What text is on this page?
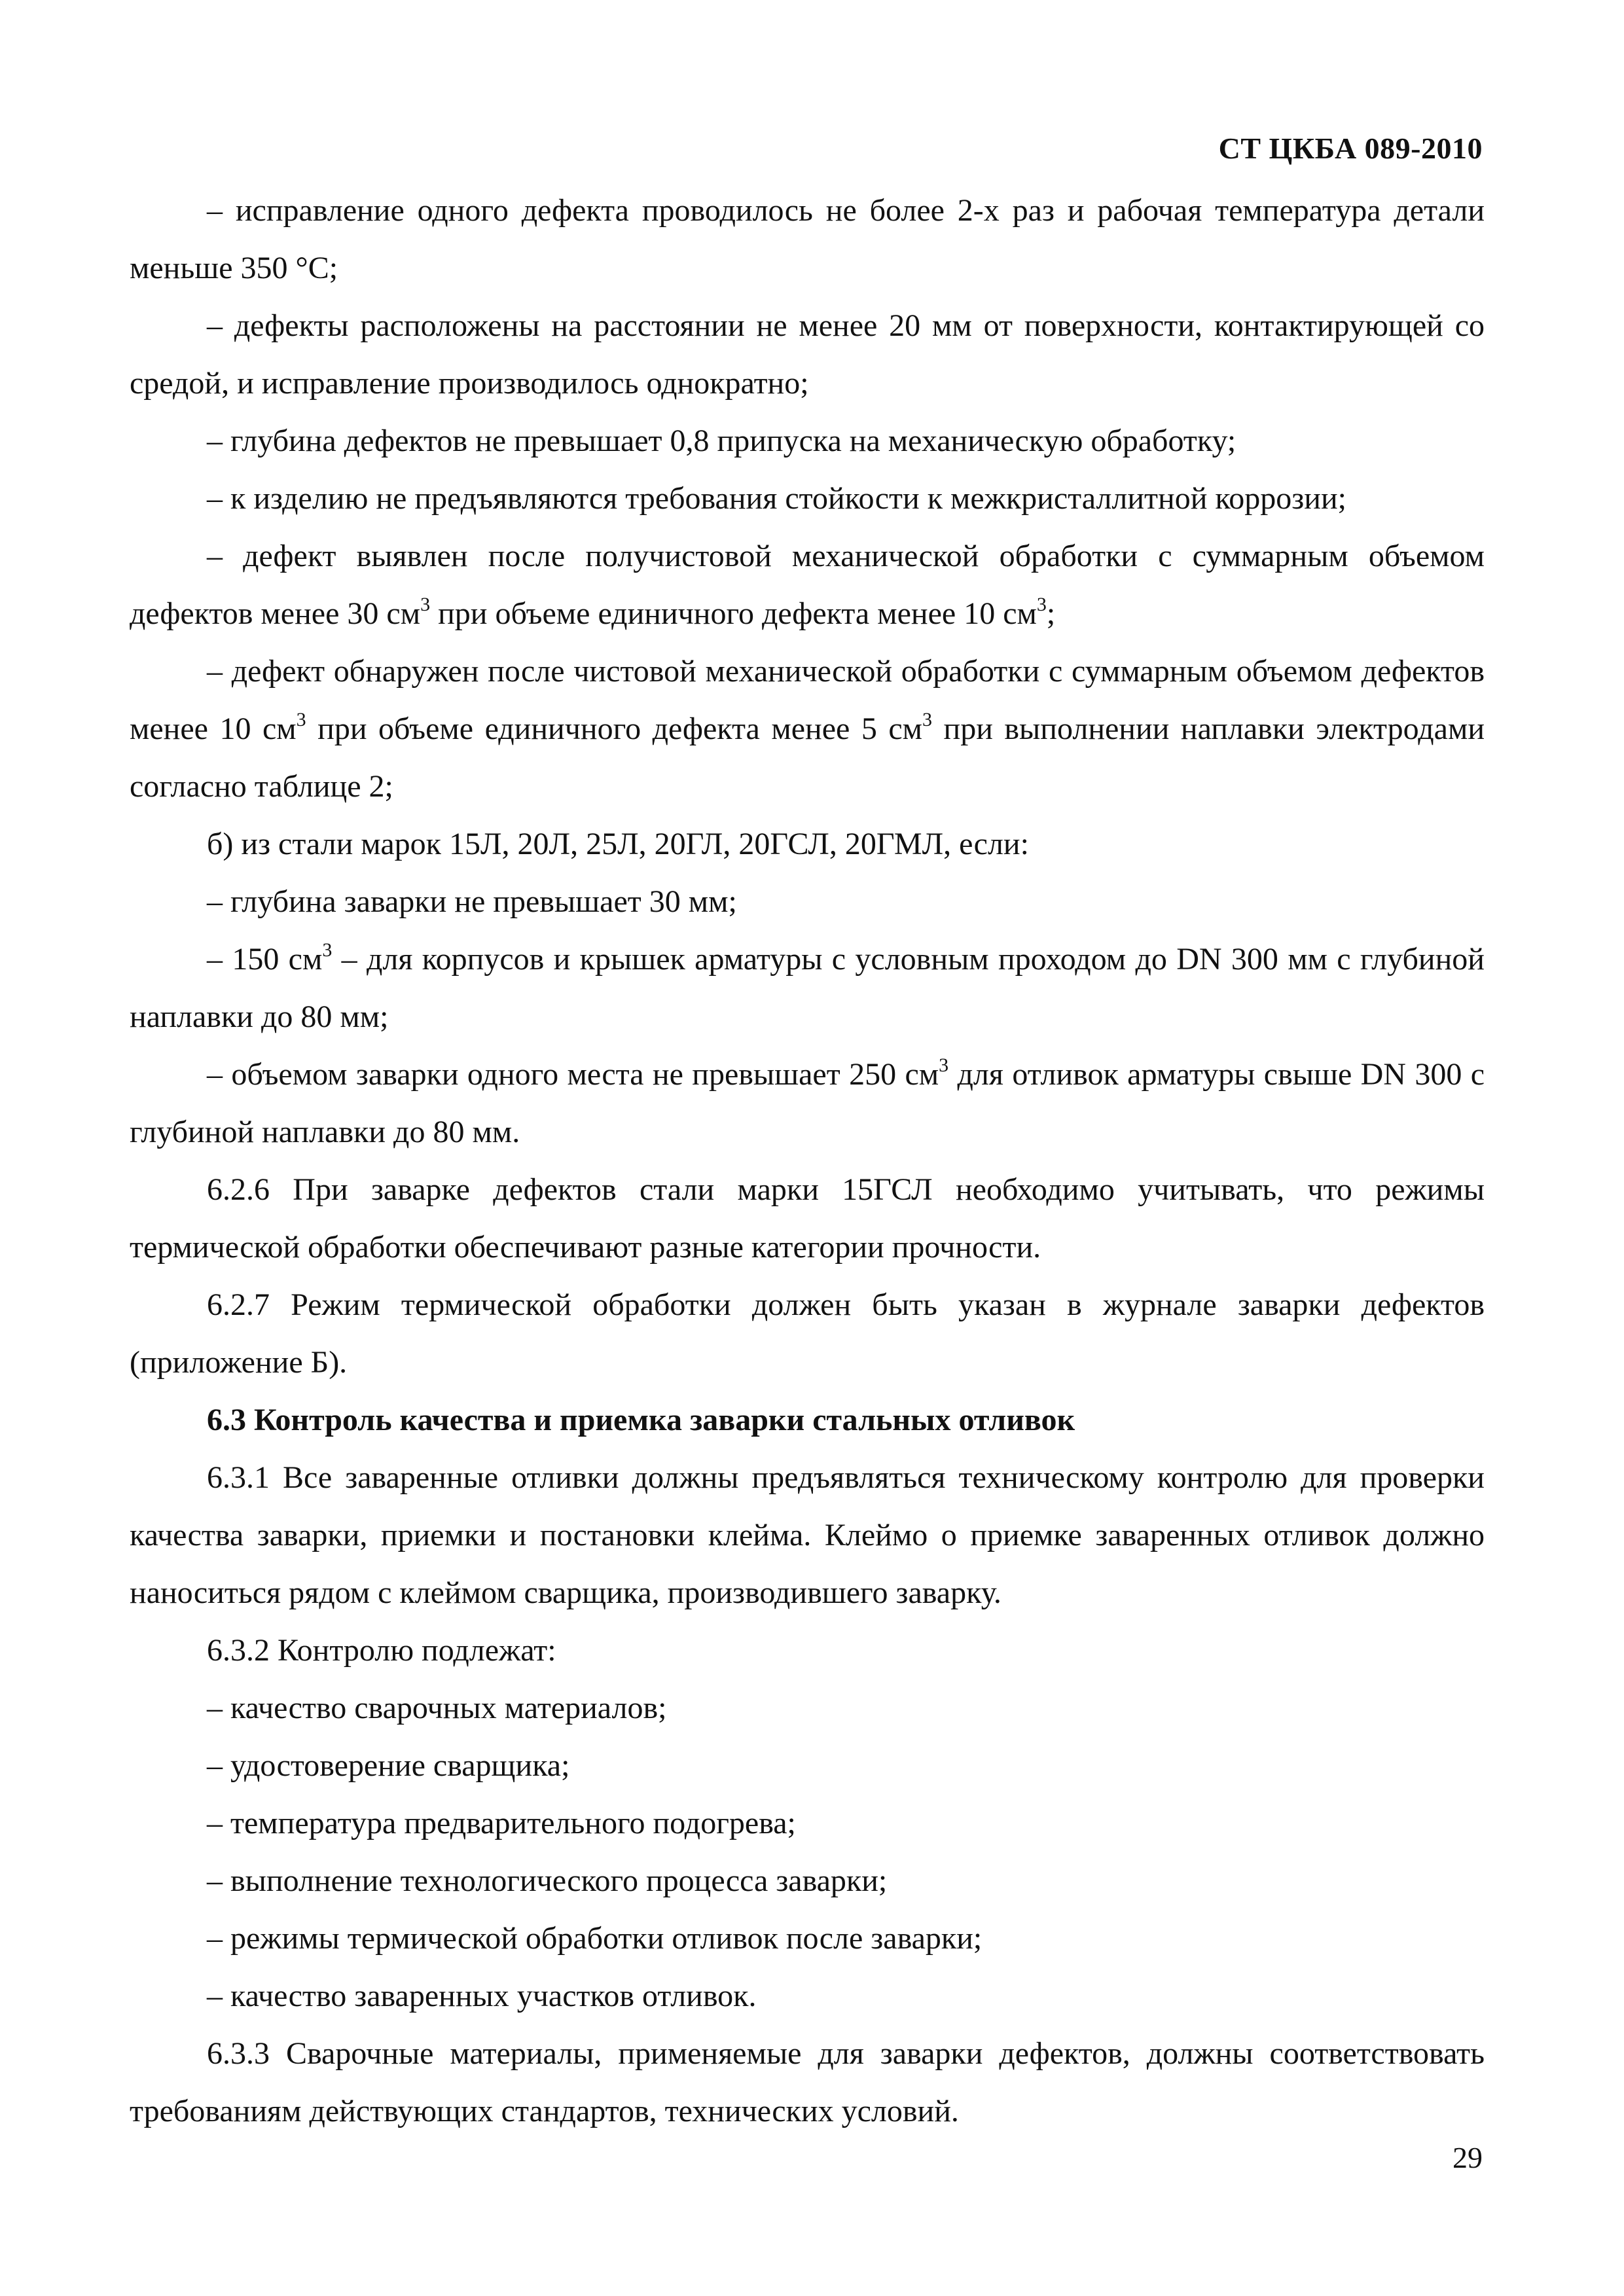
СТ ЦКБА 089-2010

– исправление одного дефекта проводилось не более 2-х раз и рабочая температура детали меньше 350 °С;

– дефекты расположены на расстоянии не менее 20 мм от поверхности, контактирующей со средой, и исправление производилось однократно;

– глубина дефектов не превышает 0,8 припуска на механическую обработку;

– к изделию не предъявляются требования стойкости к межкристаллитной коррозии;

– дефект выявлен после получистовой механической обработки с суммарным объемом дефектов менее 30 $см^3$ при объеме единичного дефекта менее 10 $см^3$;

– дефект обнаружен после чистовой механической обработки с суммарным объемом дефектов менее 10 $см^3$ при объеме единичного дефекта менее 5 $см^3$ при выполнении наплавки электродами согласно таблице 2;

б) из стали марок 15Л, 20Л, 25Л, 20ГЛ, 20ГСЛ, 20ГМЛ, если:

– глубина заварки не превышает 30 мм;

– 150 $см^3$ – для корпусов и крышек арматуры с условным проходом до DN 300 мм с глубиной наплавки до 80 мм;

– объемом заварки одного места не превышает 250 $см^3$ для отливок арматуры свыше DN 300 с глубиной наплавки до 80 мм.

6.2.6 При заварке дефектов стали марки 15ГСЛ необходимо учитывать, что режимы термической обработки обеспечивают разные категории прочности.

6.2.7 Режим термической обработки должен быть указан в журнале заварки дефектов (приложение Б).

6.3 Контроль качества и приемка заварки стальных отливок

6.3.1 Все заваренные отливки должны предъявляться техническому контролю для проверки качества заварки, приемки и постановки клейма. Клеймо о приемке заваренных отливок должно наноситься рядом с клеймом сварщика, производившего заварку.

6.3.2 Контролю подлежат:

– качество сварочных материалов;

– удостоверение сварщика;

– температура предварительного подогрева;

– выполнение технологического процесса заварки;

– режимы термической обработки отливок после заварки;

– качество заваренных участков отливок.

6.3.3 Сварочные материалы, применяемые для заварки дефектов, должны соответствовать требованиям действующих стандартов, технических условий.

29
